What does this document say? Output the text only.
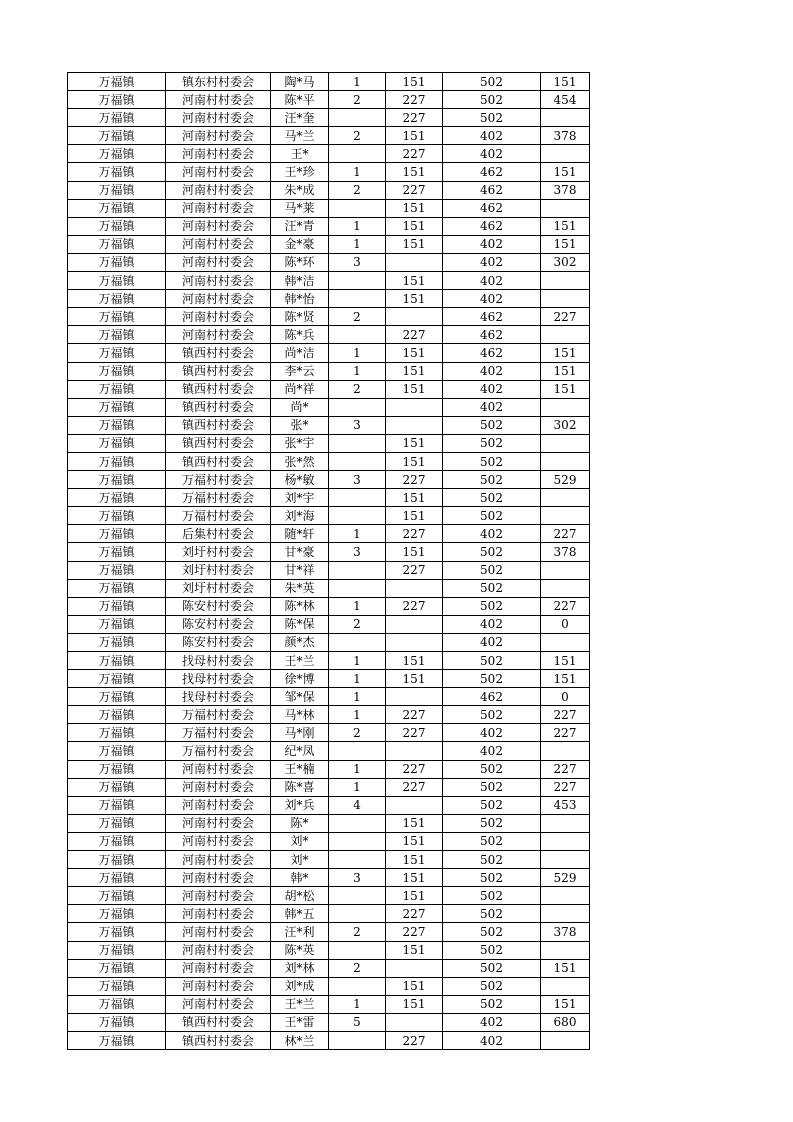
万福镇	镇东村村委会	陶*马	1	151	502	151
万福镇	河南村村委会	陈*平	2	227	502	454
万福镇	河南村村委会	汪*奎		227	502	
万福镇	河南村村委会	马*兰	2	151	402	378
万福镇	河南村村委会	王*		227	402	
万福镇	河南村村委会	王*珍	1	151	462	151
万福镇	河南村村委会	朱*成	2	227	462	378
万福镇	河南村村委会	马*莱		151	462	
万福镇	河南村村委会	汪*青	1	151	462	151
万福镇	河南村村委会	金*豪	1	151	402	151
万福镇	河南村村委会	陈*环	3		402	302
万福镇	河南村村委会	韩*洁		151	402	
万福镇	河南村村委会	韩*怡		151	402	
万福镇	河南村村委会	陈*贤	2		462	227
万福镇	河南村村委会	陈*兵		227	462	
万福镇	镇西村村委会	尚*洁	1	151	462	151
万福镇	镇西村村委会	李*云	1	151	402	151
万福镇	镇西村村委会	尚*祥	2	151	402	151
万福镇	镇西村村委会	尚*			402	
万福镇	镇西村村委会	张*	3		502	302
万福镇	镇西村村委会	张*宇		151	502	
万福镇	镇西村村委会	张*然		151	502	
万福镇	万福村村委会	杨*敏	3	227	502	529
万福镇	万福村村委会	刘*宇		151	502	
万福镇	万福村村委会	刘*海		151	502	
万福镇	后集村村委会	随*轩	1	227	402	227
万福镇	刘圩村村委会	甘*豪	3	151	502	378
万福镇	刘圩村村委会	甘*祥		227	502	
万福镇	刘圩村村委会	朱*英			502	
万福镇	陈安村村委会	陈*林	1	227	502	227
万福镇	陈安村村委会	陈*保	2		402	0
万福镇	陈安村村委会	颜*杰			402	
万福镇	找母村村委会	王*兰	1	151	502	151
万福镇	找母村村委会	徐*博	1	151	502	151
万福镇	找母村村委会	邹*保	1		462	0
万福镇	万福村村委会	马*林	1	227	502	227
万福镇	万福村村委会	马*刚	2	227	402	227
万福镇	万福村村委会	纪*凤			402	
万福镇	河南村村委会	王*楠	1	227	502	227
万福镇	河南村村委会	陈*喜	1	227	502	227
万福镇	河南村村委会	刘*兵	4		502	453
万福镇	河南村村委会	陈*		151	502	
万福镇	河南村村委会	刘*		151	502	
万福镇	河南村村委会	刘*		151	502	
万福镇	河南村村委会	韩*	3	151	502	529
万福镇	河南村村委会	胡*松		151	502	
万福镇	河南村村委会	韩*五		227	502	
万福镇	河南村村委会	汪*利	2	227	502	378
万福镇	河南村村委会	陈*英		151	502	
万福镇	河南村村委会	刘*林	2		502	151
万福镇	河南村村委会	刘*成		151	502	
万福镇	河南村村委会	王*兰	1	151	502	151
万福镇	镇西村村委会	王*雷	5		402	680
万福镇	镇西村村委会	林*兰		227	402	
